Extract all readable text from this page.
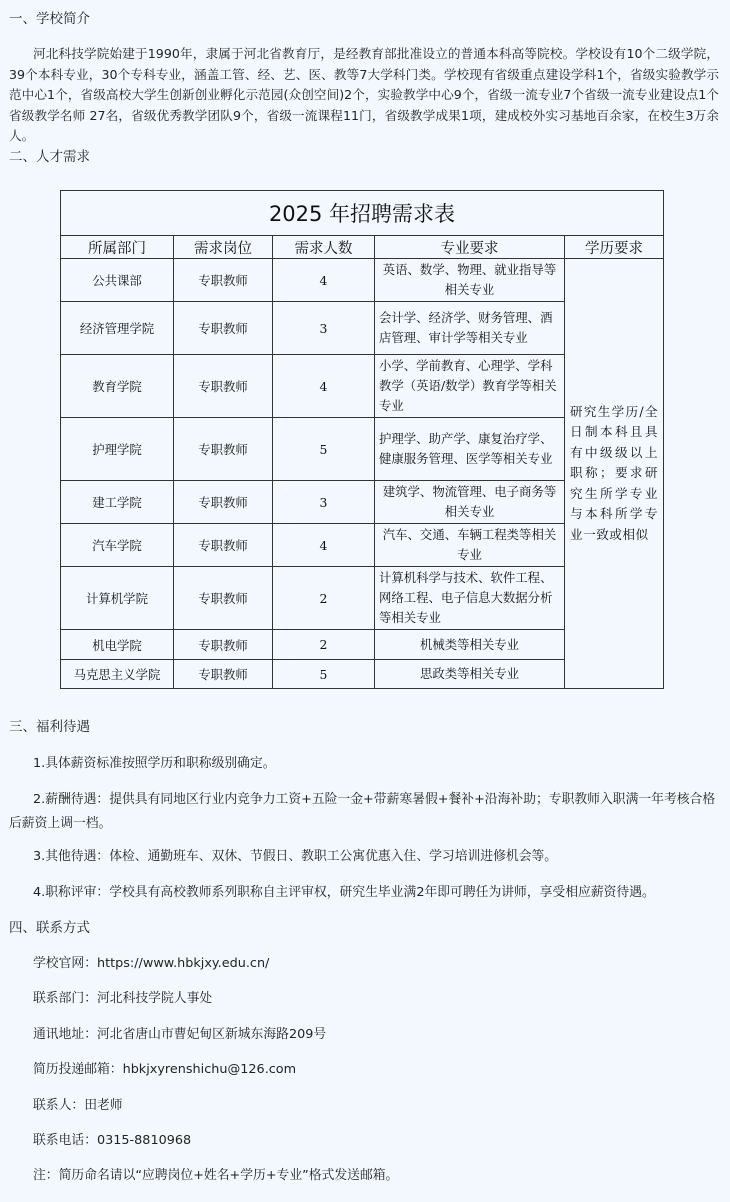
一、学校简介
河北科技学院始建于1990年，隶属于河北省教育厅，是经教育部批准设立的普通本科高等院校。学校设有10个二级学院，39个本科专业，30个专科专业，涵盖工管、经、艺、医、教等7大学科门类。学校现有省级重点建设学科1个，省级实验教学示范中心1个，省级高校大学生创新创业孵化示范园(众创空间)2个，实验教学中心9个，省级一流专业7个省级一流专业建设点1个省级教学名师 27名，省级优秀教学团队9个，省级一流课程11门，省级教学成果1项，建成校外实习基地百余家，在校生3万余人。
二、人才需求
2025 年招聘需求表				
所属部门	需求岗位	需求人数	专业要求	学历要求
公共课部	专职教师	4	英语、数学、物理、就业指导等相关专业	研究生学历/全日制本科且具有中级级以上职称；要求研究生所学专业与本科所学专业一致或相似
经济管理学院	专职教师	3	会计学、经济学、财务管理、酒店管理、审计学等相关专业	
教育学院	专职教师	4	小学、学前教育、心理学、学科教学（英语/数学）教育学等相关专业	
护理学院	专职教师	5	护理学、助产学、康复治疗学、健康服务管理、医学等相关专业	
建工学院	专职教师	3	建筑学、物流管理、电子商务等相关专业	
汽车学院	专职教师	4	汽车、交通、车辆工程类等相关专业	
计算机学院	专职教师	2	计算机科学与技术、软件工程、网络工程、电子信息大数据分析等相关专业	
机电学院	专职教师	2	机械类等相关专业	
马克思主义学院	专职教师	5	思政类等相关专业	
三、福利待遇
1.具体薪资标准按照学历和职称级别确定。
2.薪酬待遇：提供具有同地区行业内竞争力工资+五险一金+带薪寒暑假+餐补+沿海补助；专职教师入职满一年考核合格后薪资上调一档。
3.其他待遇：体检、通勤班车、双休、节假日、教职工公寓优惠入住、学习培训进修机会等。
4.职称评审：学校具有高校教师系列职称自主评审权，研究生毕业满2年即可聘任为讲师，享受相应薪资待遇。
四、联系方式
学校官网：https://www.hbkjxy.edu.cn/
联系部门：河北科技学院人事处
通讯地址：河北省唐山市曹妃甸区新城东海路209号
简历投递邮箱：hbkjxyrenshichu@126.com
联系人：田老师
联系电话：0315-8810968
注：简历命名请以“应聘岗位+姓名+学历+专业”格式发送邮箱。
